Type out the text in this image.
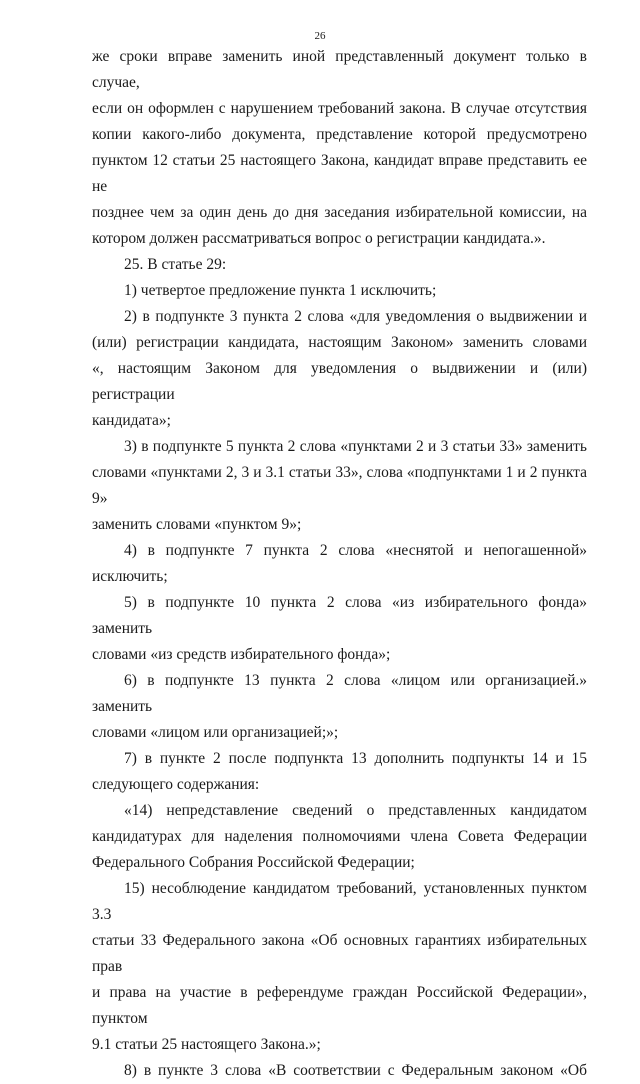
26

же сроки вправе заменить иной представленный документ только в случае,

если он оформлен с нарушением требований закона. В случае отсутствия

копии какого-либо документа, представление которой предусмотрено

пунктом 12 статьи 25 настоящего Закона, кандидат вправе представить ее не

позднее чем за один день до дня заседания избирательной комиссии, на

котором должен рассматриваться вопрос о регистрации кандидата.».

25. В статье 29:

1) четвертое предложение пункта 1 исключить;

2) в подпункте 3 пункта 2 слова «для уведомления о выдвижении и

(или) регистрации кандидата, настоящим Законом» заменить словами

«, настоящим Законом для уведомления о выдвижении и (или) регистрации

кандидата»;

3) в подпункте 5 пункта 2 слова «пунктами 2 и 3 статьи 33» заменить

словами «пунктами 2, 3 и 3.1 статьи 33», слова «подпунктами 1 и 2 пункта 9»

заменить словами «пунктом 9»;

4) в подпункте 7 пункта 2 слова «неснятой и непогашенной» исключить;

5) в подпункте 10 пункта 2 слова «из избирательного фонда» заменить

словами «из средств избирательного фонда»;

6) в подпункте 13 пункта 2 слова «лицом или организацией.» заменить

словами «лицом или организацией;»;

7) в пункте 2 после подпункта 13 дополнить подпункты 14 и 15

следующего содержания:

«14) непредставление сведений о представленных кандидатом

кандидатурах для наделения полномочиями члена Совета Федерации

Федерального Собрания Российской Федерации;

15) несоблюдение кандидатом требований, установленных пунктом 3.3

статьи 33 Федерального закона «Об основных гарантиях избирательных прав

и права на участие в референдуме граждан Российской Федерации», пунктом

9.1 статьи 25 настоящего Закона.»;

8) в пункте 3 слова «В соответствии с Федеральным законом «Об
